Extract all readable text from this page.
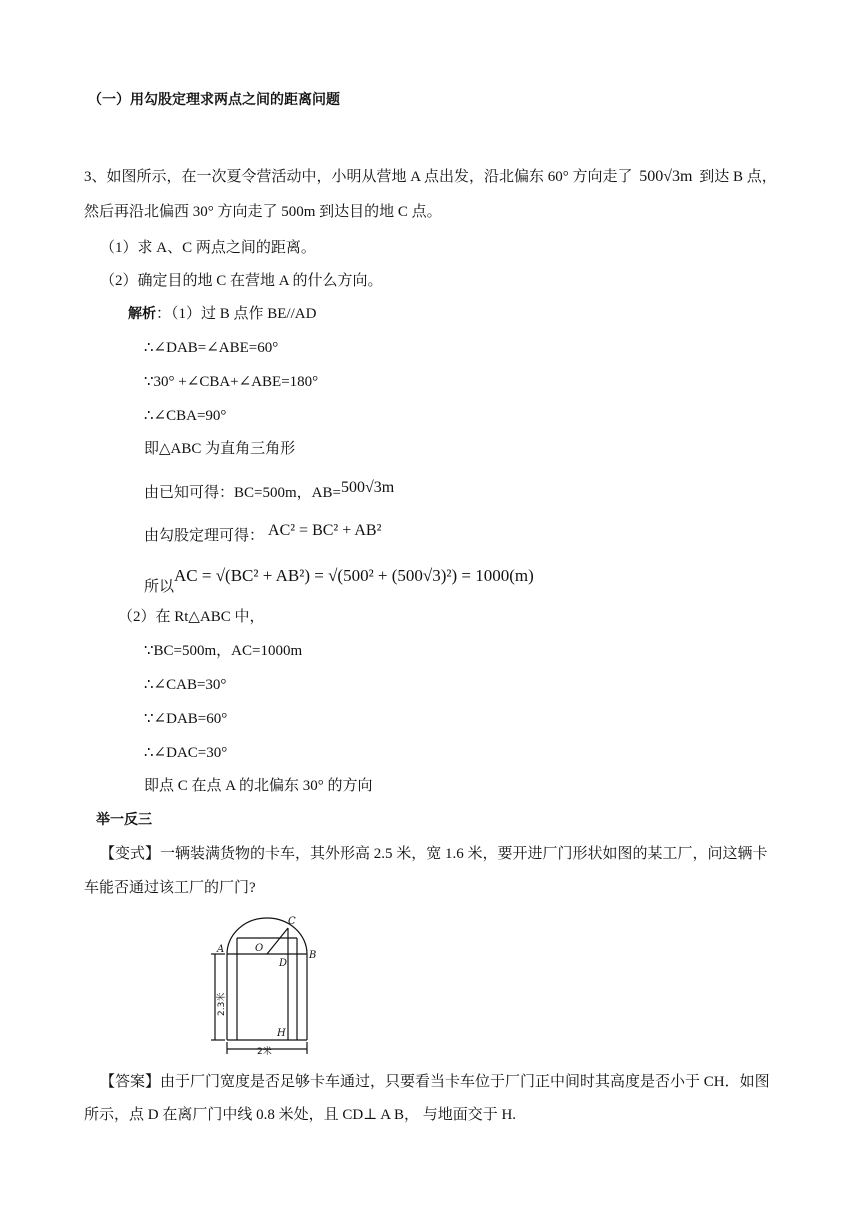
（一）用勾股定理求两点之间的距离问题
3、如图所示，在一次夏令营活动中，小明从营地 A 点出发，沿北偏东 60° 方向走了 500√3m 到达 B 点，
然后再沿北偏西 30° 方向走了 500m 到达目的地 C 点。
（1）求 A、C 两点之间的距离。
（2）确定目的地 C 在营地 A 的什么方向。
解析：（1）过 B 点作 BE//AD
∴∠DAB=∠ABE=60°
∵30° +∠CBA+∠ABE=180°
∴∠CBA=90°
即△ABC 为直角三角形
由已知可得：BC=500m，AB=500√3m
由勾股定理可得： AC² = BC² + AB²
所以AC = √(BC² + AB²) = √(500² + (500√3)²) = 1000(m)
（2）在 Rt△ABC 中，
∵BC=500m，AC=1000m
∴∠CAB=30°
∵∠DAB=60°
∴∠DAC=30°
即点 C 在点 A 的北偏东 30° 的方向
举一反三
【变式】一辆装满货物的卡车，其外形高 2.5 米，宽 1.6 米，要开进厂门形状如图的某工厂，问这辆卡
车能否通过该工厂的厂门?
A
B
C
D
O
H
2.3米
2米
【答案】由于厂门宽度是否足够卡车通过，只要看当卡车位于厂门正中间时其高度是否小于 CH．如图
所示，点 D 在离厂门中线 0.8 米处，且 CD⊥ A B， 与地面交于 H.
